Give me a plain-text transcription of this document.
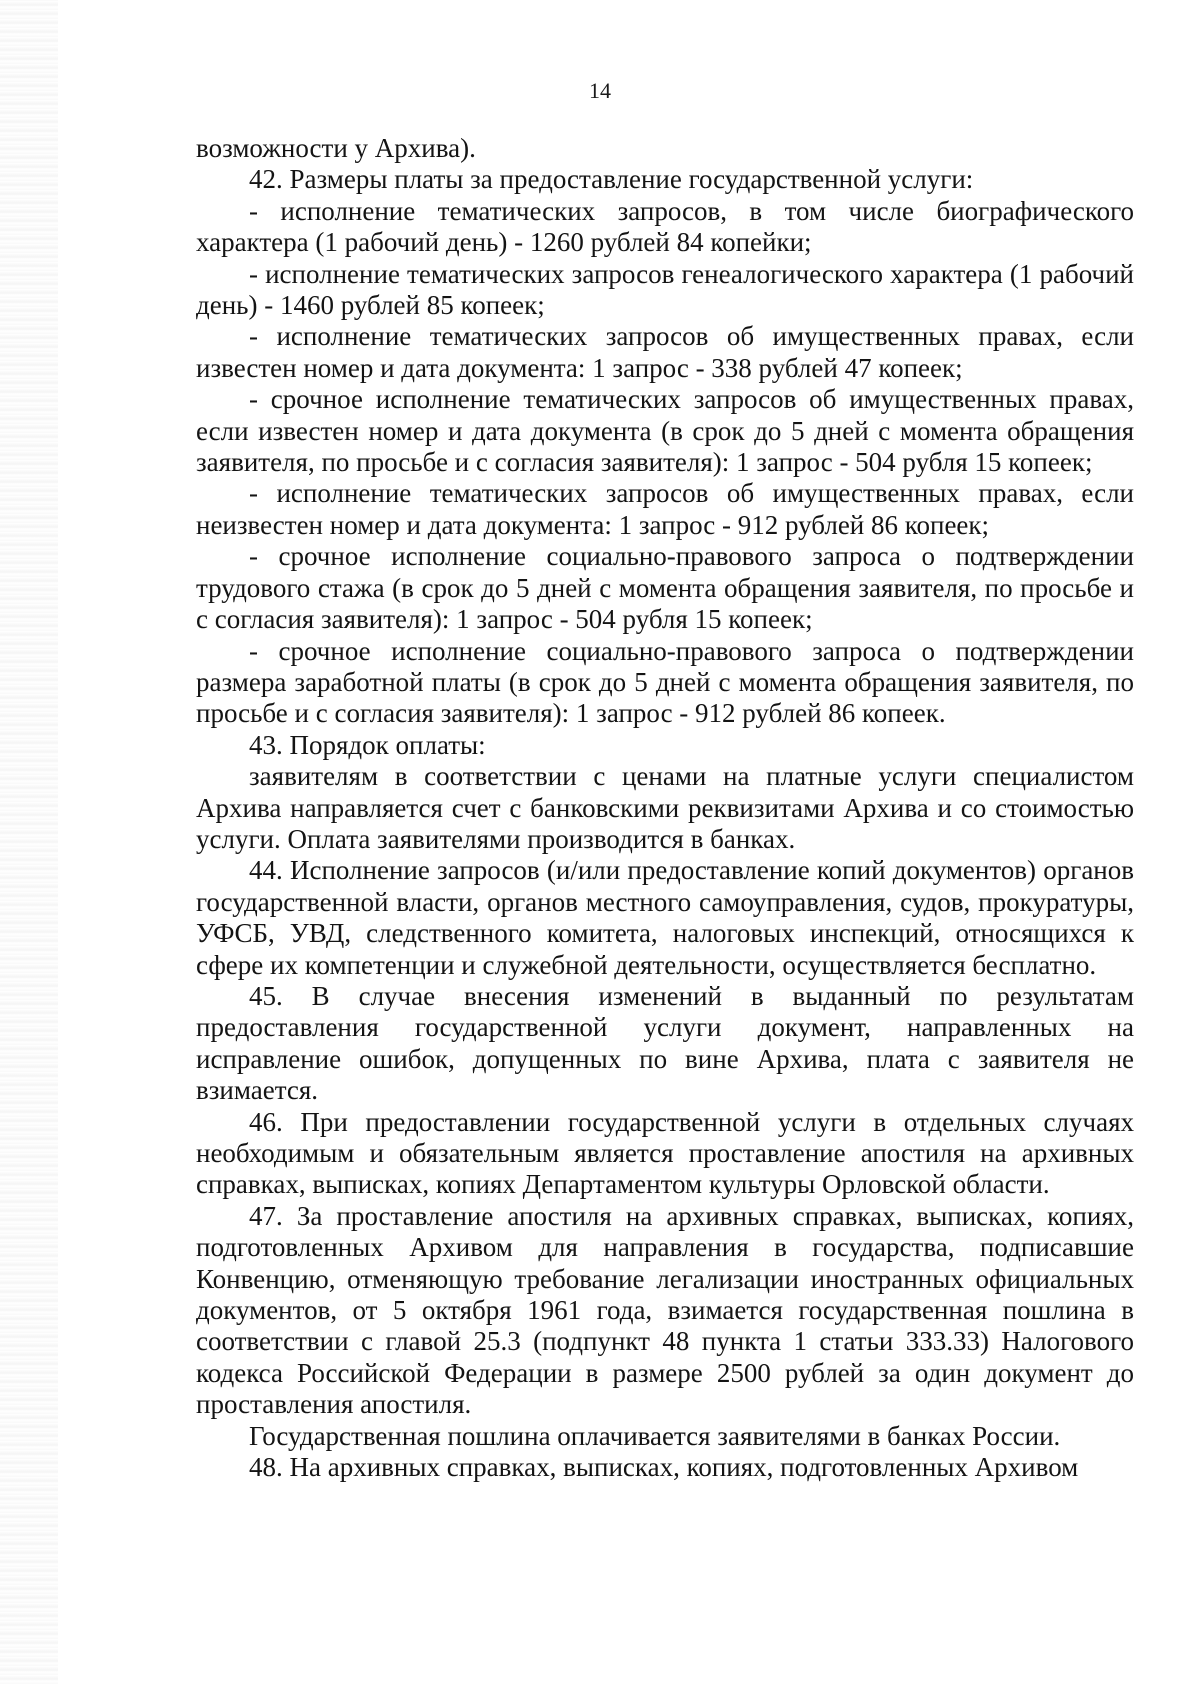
14

возможности у Архива).

42. Размеры платы за предоставление государственной услуги:

- исполнение тематических запросов, в том числе биографического характера (1 рабочий день) - 1260 рублей 84 копейки;

- исполнение тематических запросов генеалогического характера (1 рабочий день) - 1460 рублей 85 копеек;

- исполнение тематических запросов об имущественных правах, если известен номер и дата документа: 1 запрос - 338 рублей 47 копеек;

- срочное исполнение тематических запросов об имущественных правах, если известен номер и дата документа (в срок до 5 дней с момента обращения заявителя, по просьбе и с согласия заявителя): 1 запрос - 504 рубля 15 копеек;

- исполнение тематических запросов об имущественных правах, если неизвестен номер и дата документа: 1 запрос - 912 рублей 86 копеек;

- срочное исполнение социально-правового запроса о подтверждении трудового стажа (в срок до 5 дней с момента обращения заявителя, по просьбе и с согласия заявителя): 1 запрос - 504 рубля 15 копеек;

- срочное исполнение социально-правового запроса о подтверждении размера заработной платы (в срок до 5 дней с момента обращения заявителя, по просьбе и с согласия заявителя): 1 запрос - 912 рублей 86 копеек.

43. Порядок оплаты:

заявителям в соответствии с ценами на платные услуги специалистом Архива направляется счет с банковскими реквизитами Архива и со стоимостью услуги. Оплата заявителями производится в банках.

44. Исполнение запросов (и/или предоставление копий документов) органов государственной власти, органов местного самоуправления, судов, прокуратуры, УФСБ, УВД, следственного комитета, налоговых инспекций, относящихся к сфере их компетенции и служебной деятельности, осуществляется бесплатно.

45. В случае внесения изменений в выданный по результатам предоставления государственной услуги документ, направленных на исправление ошибок, допущенных по вине Архива, плата с заявителя не взимается.

46. При предоставлении государственной услуги в отдельных случаях необходимым и обязательным является проставление апостиля на архивных справках, выписках, копиях Департаментом культуры Орловской области.

47. За проставление апостиля на архивных справках, выписках, копиях, подготовленных Архивом для направления в государства, подписавшие Конвенцию, отменяющую требование легализации иностранных официальных документов, от 5 октября 1961 года, взимается государственная пошлина в соответствии с главой 25.3 (подпункт 48 пункта 1 статьи 333.33) Налогового кодекса Российской Федерации в размере 2500 рублей за один документ до проставления апостиля.

Государственная пошлина оплачивается заявителями в банках России.

48. На архивных справках, выписках, копиях, подготовленных Архивом
